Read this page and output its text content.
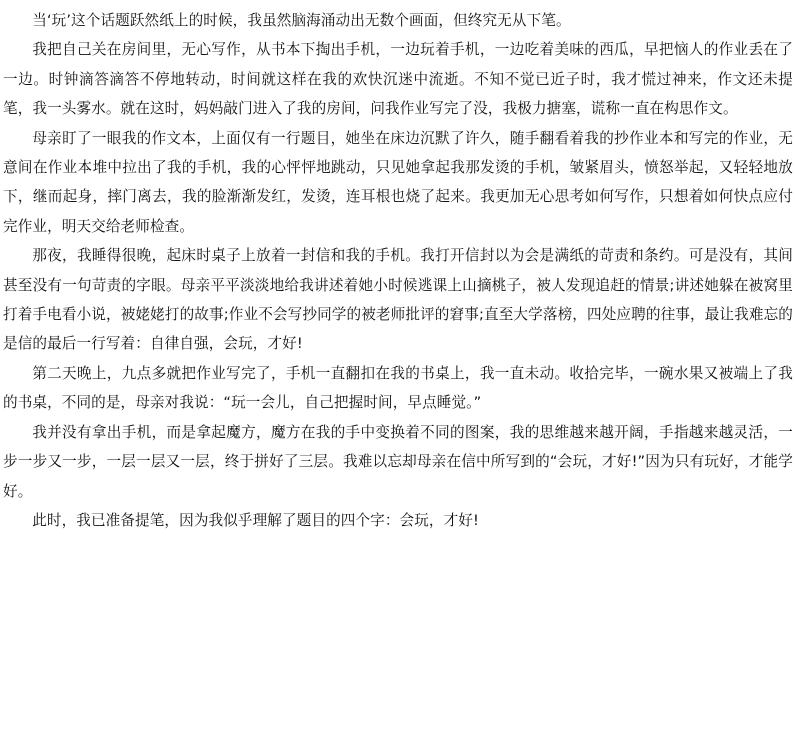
当‘玩’这个话题跃然纸上的时候，我虽然脑海涌动出无数个画面，但终究无从下笔。

我把自己关在房间里，无心写作，从书本下掏出手机，一边玩着手机，一边吃着美味的西瓜，早把恼人的作业丢在了一边。时钟滴答滴答不停地转动，时间就这样在我的欢快沉迷中流逝。不知不觉已近子时，我才慌过神来，作文还未提笔，我一头雾水。就在这时，妈妈敲门进入了我的房间，问我作业写完了没，我极力搪塞，谎称一直在构思作文。

母亲盯了一眼我的作文本，上面仅有一行题目，她坐在床边沉默了许久，随手翻看着我的抄作业本和写完的作业，无意间在作业本堆中拉出了我的手机，我的心怦怦地跳动，只见她拿起我那发烫的手机，皱紧眉头，愤怒举起，又轻轻地放下，继而起身，摔门离去，我的脸渐渐发红，发烫，连耳根也烧了起来。我更加无心思考如何写作，只想着如何快点应付完作业，明天交给老师检查。

那夜，我睡得很晚，起床时桌子上放着一封信和我的手机。我打开信封以为会是满纸的苛责和条约。可是没有，其间甚至没有一句苛责的字眼。母亲平平淡淡地给我讲述着她小时候逃课上山摘桃子，被人发现追赶的情景;讲述她躲在被窝里打着手电看小说，被姥姥打的故事;作业不会写抄同学的被老师批评的窘事;直至大学落榜，四处应聘的往事，最让我难忘的是信的最后一行写着：自律自强，会玩，才好!

第二天晚上，九点多就把作业写完了，手机一直翻扣在我的书桌上，我一直未动。收拾完毕，一碗水果又被端上了我的书桌，不同的是，母亲对我说：“玩一会儿，自己把握时间，早点睡觉。”

我并没有拿出手机，而是拿起魔方，魔方在我的手中变换着不同的图案，我的思维越来越开阔，手指越来越灵活，一步一步又一步，一层一层又一层，终于拼好了三层。我难以忘却母亲在信中所写到的“会玩，才好!”因为只有玩好，才能学好。

此时，我已准备提笔，因为我似乎理解了题目的四个字：会玩，才好!
